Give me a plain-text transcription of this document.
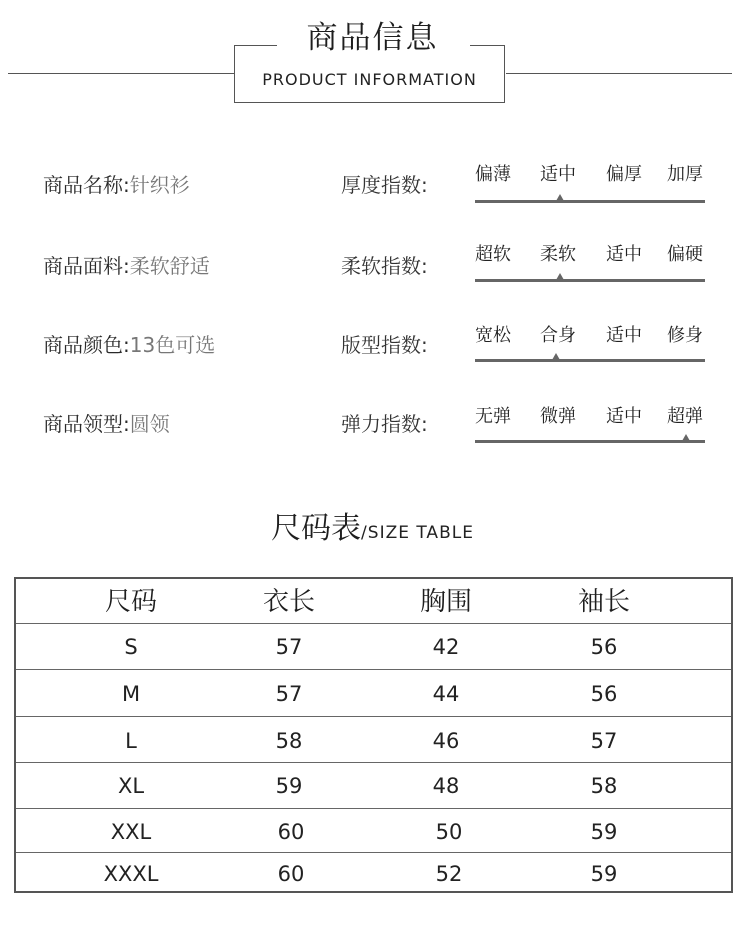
商品信息
PRODUCT INFORMATION
商品名称:针织衫
商品面料:柔软舒适
商品颜色:13色可选
商品领型:圆领
厚度指数:	偏薄 适中 偏厚 加厚
柔软指数:	超软 柔软 适中 偏硬
版型指数:	宽松 合身 适中 修身
弹力指数:	无弹 微弹 适中 超弹
尺码表/SIZE TABLE
尺码	衣长	胸围	袖长
S	57	42	56
M	57	44	56
L	58	46	57
XL	59	48	58
XXL	60	50	59
XXXL	60	52	59
